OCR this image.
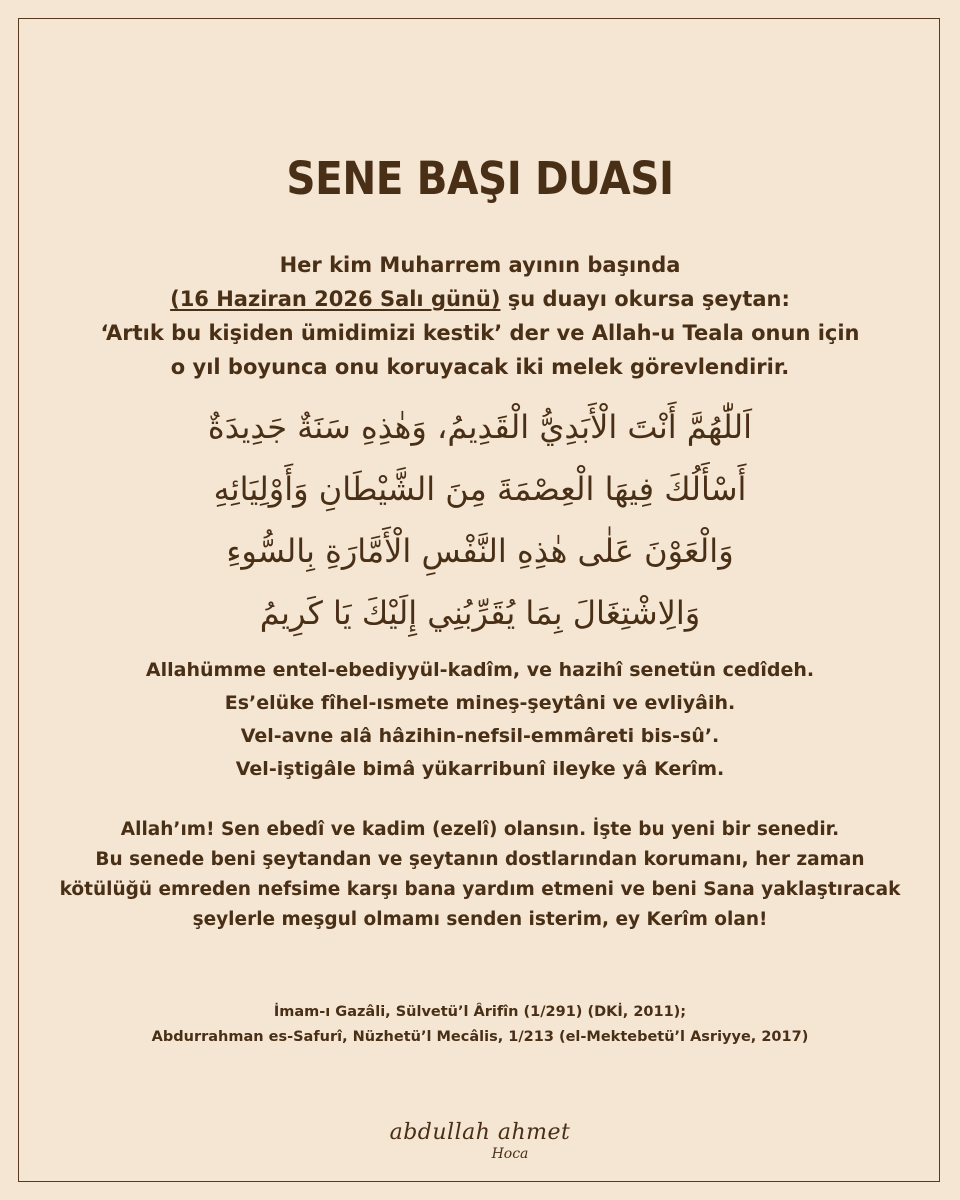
SENE BAŞI DUASI
Her kim Muharrem ayının başında
(16 Haziran 2026 Salı günü) şu duayı okursa şeytan:
‘Artık bu kişiden ümidimizi kestik’ der ve Allah-u Teala onun için
o yıl boyunca onu koruyacak iki melek görevlendirir.
اَللّٰهُمَّ أَنْتَ الْأَبَدِيُّ الْقَدِيمُ، وَهٰذِهِ سَنَةٌ جَدِيدَةٌ
أَسْأَلُكَ فِيهَا الْعِصْمَةَ مِنَ الشَّيْطَانِ وَأَوْلِيَائِهِ
وَالْعَوْنَ عَلٰى هٰذِهِ النَّفْسِ الْأَمَّارَةِ بِالسُّوءِ
وَالِاشْتِغَالَ بِمَا يُقَرِّبُنِي إِلَيْكَ يَا كَرِيمُ
Allahümme entel-ebediyyül-kadîm, ve hazihî senetün cedîdeh.
Es’elüke fîhel-ısmete mineş-şeytâni ve evliyâih.
Vel-avne alâ hâzihin-nefsil-emmâreti bis-sû’.
Vel-iştigâle bimâ yükarribunî ileyke yâ Kerîm.
Allah’ım! Sen ebedî ve kadim (ezelî) olansın. İşte bu yeni bir senedir.
Bu senede beni şeytandan ve şeytanın dostlarından korumanı, her zaman
kötülüğü emreden nefsime karşı bana yardım etmeni ve beni Sana yaklaştıracak
şeylerle meşgul olmamı senden isterim, ey Kerîm olan!
İmam-ı Gazâli, Sülvetü’l Ârifîn (1/291) (DKİ, 2011);
Abdurrahman es-Safurî, Nüzhetü’l Mecâlis, 1/213 (el-Mektebetü’l Asriyye, 2017)
abdullah ahmet
Hoca
